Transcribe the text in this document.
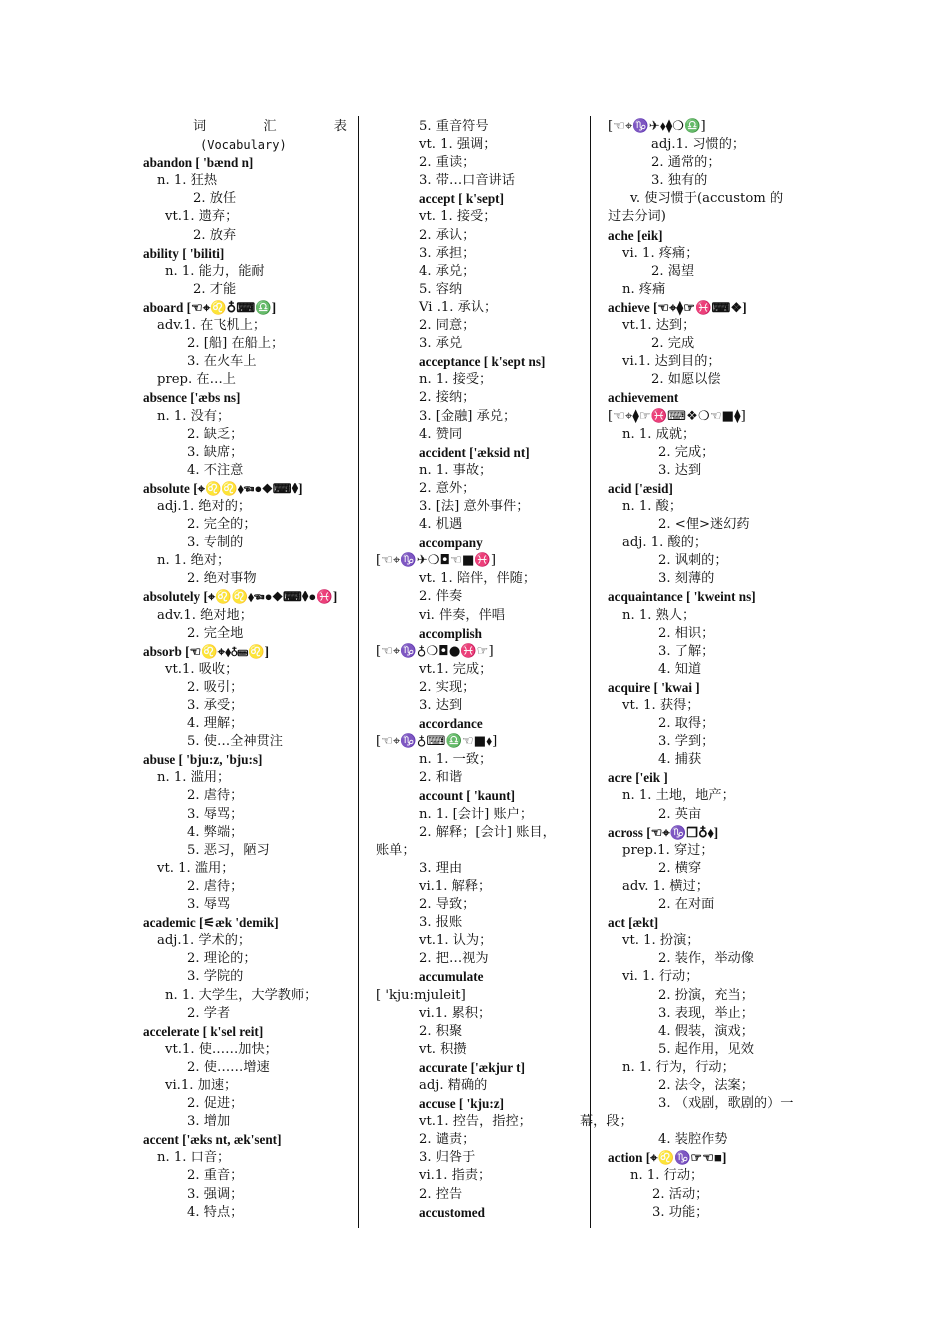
词　汇　表
(Vocabulary)
abandon [ 'bænd n]
n. 1. 狂热
2. 放任
vt.1. 遗弃；
2. 放弃
ability [ 'biliti]
n. 1. 能力，能耐
2. 才能
aboard [☜⌖♌♁⌨♎]
adv.1. 在飞机上；
2. [船] 在船上；
3. 在火车上
prep. 在…上
absence ['æbs ns]
n. 1. 没有；
2. 缺乏；
3. 缺席；
4. 不注意
absolute [⌖♌♌⬧☜●◆⌨⧫]
adj.1. 绝对的；
2. 完全的；
3. 专制的
n. 1. 绝对；
2. 绝对事物
absolutely [⌖♌♌⬧☜●◆⌨⧫●♓]
adv.1. 绝对地；
2. 完全地
absorb [☜♌⌖⬧♁⌨♌]
vt.1. 吸收；
2. 吸引；
3. 承受；
4. 理解；
5. 使…全神贯注
abuse [ 'bju:z, 'bju:s]
n. 1. 滥用；
2. 虐待；
3. 辱骂；
4. 弊端；
5. 恶习，陋习
vt. 1. 滥用；
2. 虐待；
3. 辱骂
academic [⚟æk 'demik]
adj.1. 学术的；
2. 理论的；
3. 学院的
n. 1. 大学生，大学教师；
2. 学者
accelerate [ k'sel reit]
vt.1. 使……加快；
2. 使……增速
vi.1. 加速；
2. 促进；
3. 增加
accent ['æks nt, æk'sent]
n. 1. 口音；
2. 重音；
3. 强调；
4. 特点；
5. 重音符号
vt. 1. 强调；
2. 重读；
3. 带…口音讲话
accept [ k'sept]
vt. 1. 接受；
2. 承认；
3. 承担；
4. 承兑；
5. 容纳
Vi .1. 承认；
2. 同意；
3. 承兑
acceptance [ k'sept ns]
n. 1. 接受；
2. 接纳；
3. [金融] 承兑；
4. 赞同
accident ['æksid nt]
n. 1. 事故；
2. 意外；
3. [法] 意外事件；
4. 机遇
accompany
[☜⌖♑✈❍◘☜■♓]
vt. 1. 陪伴，伴随；
2. 伴奏
vi. 伴奏，伴唱
accomplish
[☜⌖♑♁❍◘●♓☞]
vt.1. 完成；
2. 实现；
3. 达到
accordance
[☜⌖♑♁⌨♎☜■⬧]
n. 1. 一致；
2. 和谐
account [ 'kaunt]
n. 1. [会计] 账户；
2. 解释；[会计] 账目，
账单；
3. 理由
vi.1. 解释；
2. 导致；
3. 报账
vt.1. 认为；
2. 把…视为
accumulate
[ 'kju:mjuleit]
vi.1. 累积；
2. 积聚
vt. 积攒
accurate ['ækjur t]
adj. 精确的
accuse [ 'kju:z]
vt.1. 控告，指控；
2. 谴责；
3. 归咎于
vi.1. 指责；
2. 控告
accustomed
[☜⌖♑✈⬧⧫❍♎]
adj.1. 习惯的；
2. 通常的；
3. 独有的
v. 使习惯于(accustom 的
过去分词)
ache [eik]
vi. 1. 疼痛；
2. 渴望
n. 疼痛
achieve [☜⌖⧫☞♓⌨❖]
vt.1. 达到；
2. 完成
vi.1. 达到目的；
2. 如愿以偿
achievement
[☜⌖⧫☞♓⌨❖❍☜■⧫]
n. 1. 成就；
2. 完成；
3. 达到
acid ['æsid]
n. 1. 酸；
2. <俚>迷幻药
adj. 1. 酸的；
2. 讽刺的；
3. 刻薄的
acquaintance [ 'kweint ns]
n. 1. 熟人；
2. 相识；
3. 了解；
4. 知道
acquire [ 'kwai ]
vt. 1. 获得；
2. 取得；
3. 学到；
4. 捕获
acre ['eik ]
n. 1. 土地，地产；
2. 英亩
across [☜⌖♑❒♁⬧]
prep.1. 穿过；
2. 横穿
adv. 1. 横过；
2. 在对面
act [ækt]
vt. 1. 扮演；
2. 装作，举动像
vi. 1. 行动；
2. 扮演，充当；
3. 表现，举止；
4. 假装，演戏；
5. 起作用，见效
n. 1. 行为，行动；
2. 法令，法案；
3. （戏剧，歌剧的）一
幕，段；
4. 装腔作势
action [⌖♌♑☞☜■]
n. 1. 行动；
2. 活动；
3. 功能；
